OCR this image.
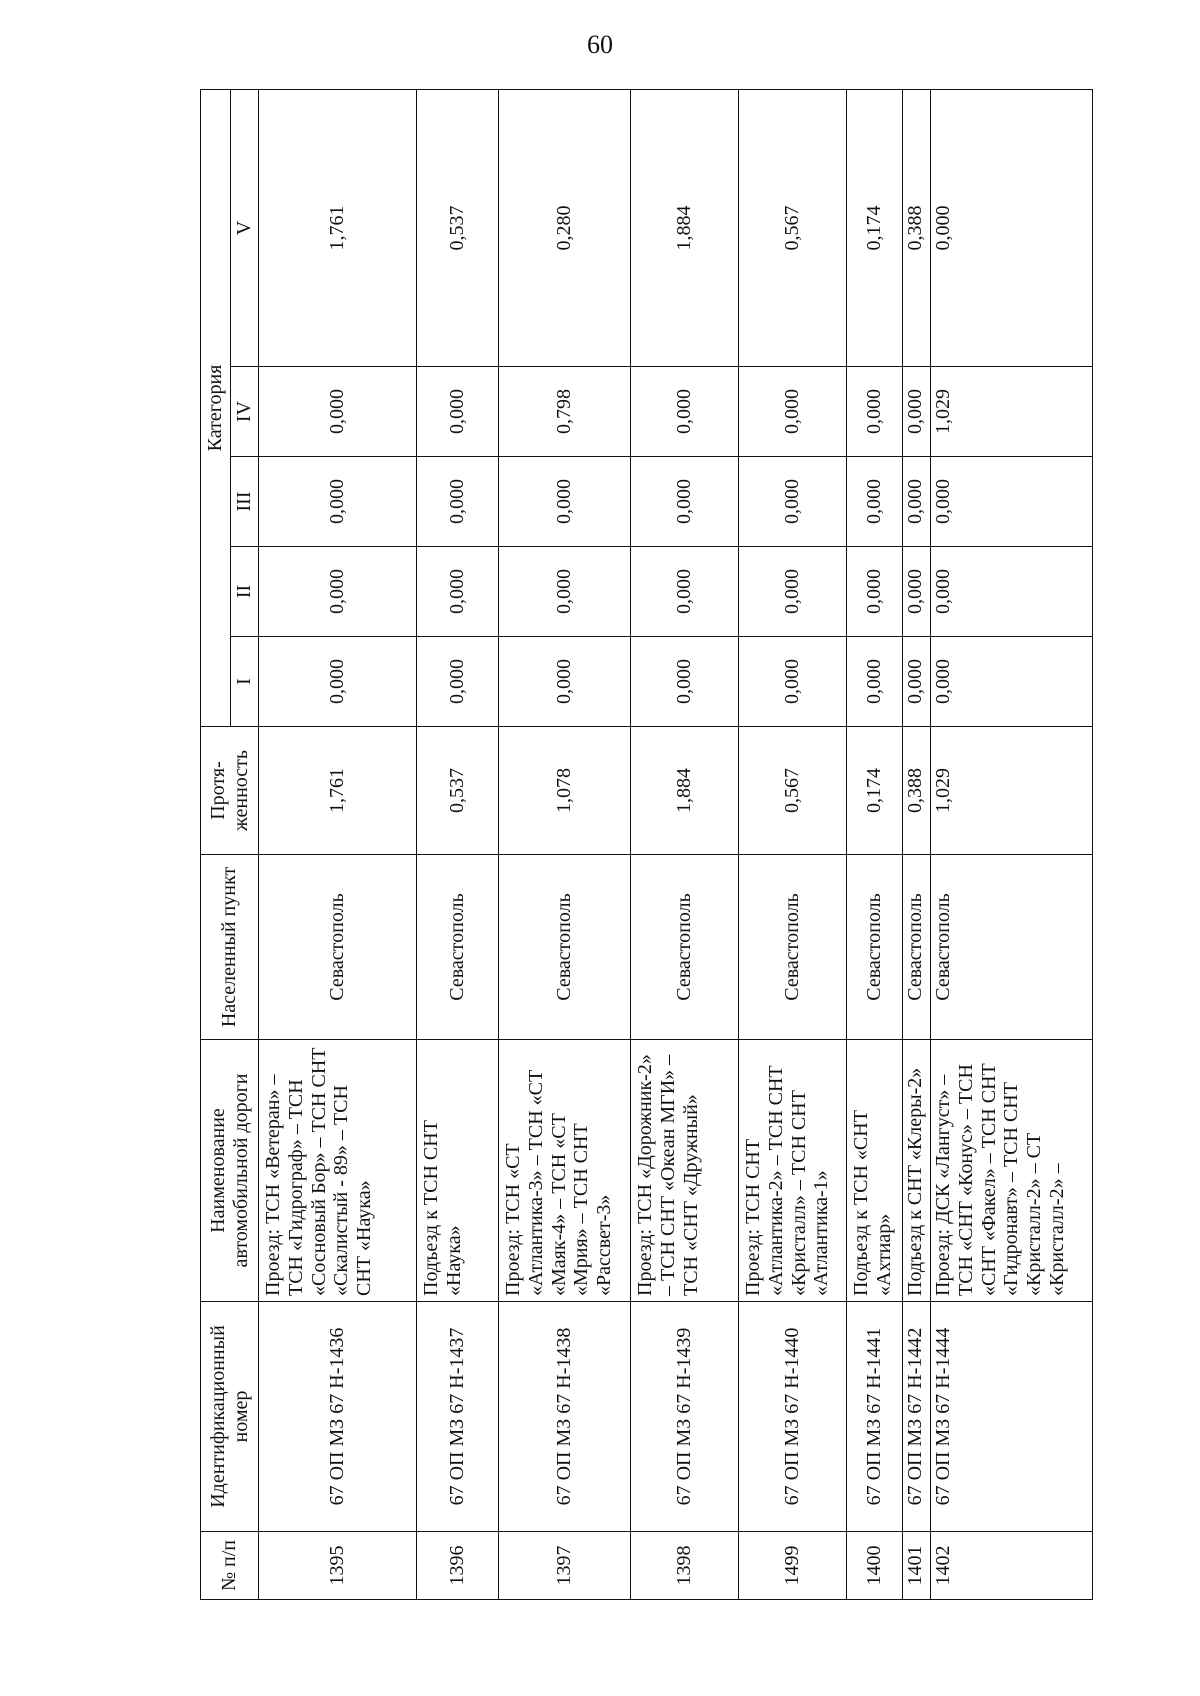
60
№ п/п	Идентификационный номер	Наименование автомобильной дороги	Населенный пункт	Протя-женность	Категория				
					I	II	III	IV	V
1395	67 ОП МЗ 67 Н-1436	Проезд: ТСН «Ветеран» – ТСН «Гидрограф» – ТСН «Сосновый Бор» – ТСН СНТ «Скалистый - 89» – ТСН СНТ «Наука»	Севастополь	1,761	0,000	0,000	0,000	0,000	1,761
1396	67 ОП МЗ 67 Н-1437	Подъезд к ТСН СНТ «Наука»	Севастополь	0,537	0,000	0,000	0,000	0,000	0,537
1397	67 ОП МЗ 67 Н-1438	Проезд: ТСН «СТ «Атлантика-3» – ТСН «СТ «Маяк-4» – ТСН «СТ «Мрия» – ТСН СНТ «Рассвет-3»	Севастополь	1,078	0,000	0,000	0,000	0,798	0,280
1398	67 ОП МЗ 67 Н-1439	Проезд: ТСН «Дорожник-2» – ТСН СНТ «Океан МГИ» – ТСН «СНТ «Дружный»	Севастополь	1,884	0,000	0,000	0,000	0,000	1,884
1499	67 ОП МЗ 67 Н-1440	Проезд: ТСН СНТ «Атлантика-2» – ТСН СНТ «Кристалл» – ТСН СНТ «Атлантика-1»	Севастополь	0,567	0,000	0,000	0,000	0,000	0,567
1400	67 ОП МЗ 67 Н-1441	Подъезд к ТСН «СНТ «Ахтиар»	Севастополь	0,174	0,000	0,000	0,000	0,000	0,174
1401	67 ОП МЗ 67 Н-1442	Подъезд к СНТ «Клеры-2»	Севастополь	0,388	0,000	0,000	0,000	0,000	0,388
1402	67 ОП МЗ 67 Н-1444	Проезд: ДСК «Лангуст» – ТСН «СНТ «Конус» – ТСН «СНТ «Факел» – ТСН СНТ «Гидронавт» – ТСН СНТ «Кристалл-2» – СТ «Кристалл-2» –	Севастополь	1,029	0,000	0,000	0,000	1,029	0,000
